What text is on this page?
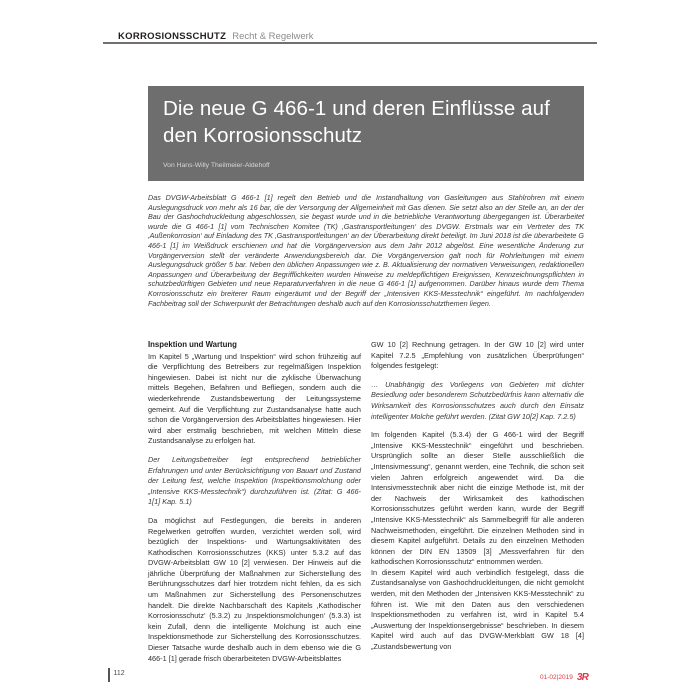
KORROSIONSSCHUTZ Recht & Regelwerk
Die neue G 466-1 und deren Einflüsse auf den Korrosionsschutz
Von Hans-Willy Theilmeier-Aldehoff

Das DVGW-Arbeitsblatt G 466-1 [1] regelt den Betrieb und die Instandhaltung von Gasleitungen aus Stahlrohren mit einem Auslegungsdruck von mehr als 16 bar, die der Versorgung der Allgemeinheit mit Gas dienen. Sie setzt also an der Stelle an, an der der Bau der Gashochdruckleitung abgeschlossen, sie begast wurde und in die betriebliche Verantwortung übergegangen ist. Überarbeitet wurde die G 466-1 [1] vom Technischen Komitee (TK) ‚Gastransportleitungen‘ des DVGW. Erstmals war ein Vertreter des TK ‚Außenkorrosion‘ auf Einladung des TK ‚Gastransportleitungen‘ an der Überarbeitung direkt beteiligt. Im Juni 2018 ist die überarbeitete G 466-1 [1] im Weißdruck erschienen und hat die Vorgängerversion aus dem Jahr 2012 abgelöst. Eine wesentliche Änderung zur Vorgängerversion stellt der veränderte Anwendungsbereich dar. Die Vorgängerversion galt noch für Rohrleitungen mit einem Auslegungsdruck größer 5 bar. Neben den üblichen Anpassungen wie z. B. Aktualisierung der normativen Verweisungen, redaktionellen Anpassungen und Überarbeitung der Begrifflichkeiten wurden Hinweise zu meldepflichtigen Ereignissen, Kennzeichnungspflichten in schutzbedürftigen Gebieten und neue Reparaturverfahren in die neue G 466-1 [1] aufgenommen. Darüber hinaus wurde dem Thema Korrosionsschutz ein breiterer Raum eingeräumt und der Begriff der „Intensiven KKS-Messtechnik“ eingeführt. Im nachfolgenden Fachbeitrag soll der Schwerpunkt der Betrachtungen deshalb auch auf den Korrosionsschutzthemen liegen.

Inspektion und Wartung

Im Kapitel 5 „Wartung und Inspektion“ wird schon frühzeitig auf die Verpflichtung des Betreibers zur regelmäßigen Inspektion hingewiesen. Dabei ist nicht nur die zyklische Überwachung mittels Begehen, Befahren und Befliegen, sondern auch die wiederkehrende Zustandsbewertung der Leitungssysteme gemeint. Auf die Verpflichtung zur Zustandsanalyse hatte auch schon die Vorgängerversion des Arbeitsblattes hingewiesen. Hier wird aber erstmalig beschrieben, mit welchen Mitteln diese Zustandsanalyse zu erfolgen hat.

Der Leitungsbetreiber legt entsprechend betrieblicher Erfahrungen und unter Berücksichtigung von Bauart und Zustand der Leitung fest, welche Inspektion (Inspektionsmolchung oder „Intensive KKS-Messtechnik“) durchzuführen ist. (Zitat: G 466-1[1] Kap. 5.1)

Da möglichst auf Festlegungen, die bereits in anderen Regelwerken getroffen wurden, verzichtet werden soll, wird bezüglich der Inspektions- und Wartungsaktivitäten des Kathodischen Korrosionsschutzes (KKS) unter 5.3.2 auf das DVGW-Arbeitsblatt GW 10 [2] verwiesen. Der Hinweis auf die jährliche Überprüfung der Maßnahmen zur Sicherstellung des Berührungsschutzes darf hier trotzdem nicht fehlen, da es sich um Maßnahmen zur Sicherstellung des Personenschutzes handelt. Die direkte Nachbarschaft des Kapitels ‚Kathodischer Korrosionsschutz‘ (5.3.2) zu ‚Inspektionsmolchungen‘ (5.3.3) ist kein Zufall, denn die intelligente Molchung ist auch eine Inspektionsmethode zur Sicherstellung des Korrosionsschutzes. Dieser Tatsache wurde deshalb auch in dem ebenso wie die G 466-1 [1] gerade frisch überarbeiteten DVGW-Arbeitsblattes

GW 10 [2] Rechnung getragen. In der GW 10 [2] wird unter Kapitel 7.2.5 „Empfehlung von zusätzlichen Überprüfungen“ folgendes festgelegt:

… Unabhängig des Vorliegens von Gebieten mit dichter Besiedlung oder besonderem Schutzbedürfnis kann alternativ die Wirksamkeit des Korrosionsschutzes auch durch den Einsatz intelligenter Molche geführt werden. (Zitat GW 10[2] Kap. 7.2.5)

Im folgenden Kapitel (5.3.4) der G 466-1 wird der Begriff „Intensive KKS-Messtechnik“ eingeführt und beschrieben. Ursprünglich sollte an dieser Stelle ausschließlich die „Intensivmessung“, genannt werden, eine Technik, die schon seit vielen Jahren erfolgreich angewendet wird. Da die Intensivmesstechnik aber nicht die einzige Methode ist, mit der der Nachweis der Wirksamkeit des kathodischen Korrosionsschutzes geführt werden kann, wurde der Begriff „Intensive KKS-Messtechnik“ als Sammelbegriff für alle anderen Nachweismethoden, eingeführt. Die einzelnen Methoden sind in diesem Kapitel aufgeführt. Details zu den einzelnen Methoden können der DIN EN 13509 [3] „Messverfahren für den kathodischen Korrosionsschutz“ entnommen werden.

In diesem Kapitel wird auch verbindlich festgelegt, dass die Zustandsanalyse von Gashochdruckleitungen, die nicht gemolcht werden, mit den Methoden der „Intensiven KKS-Messtechnik“ zu führen ist. Wie mit den Daten aus den verschiedenen Inspektionsmethoden zu verfahren ist, wird in Kapitel 5.4 „Auswertung der Inspektionsergebnisse“ beschrieben. In diesem Kapitel wird auch auf das DVGW-Merkblatt GW 18 [4] „Zustandsbewertung von

112
01-02|2019 3R
